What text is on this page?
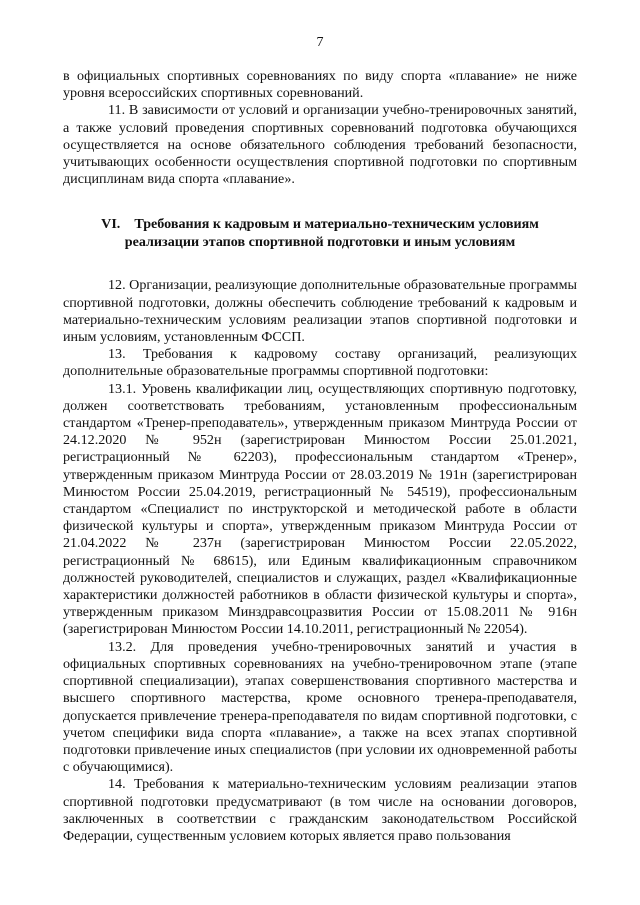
7

в официальных спортивных соревнованиях по виду спорта «плавание» не ниже уровня всероссийских спортивных соревнований.

11. В зависимости от условий и организации учебно-тренировочных занятий, а также условий проведения спортивных соревнований подготовка обучающихся осуществляется на основе обязательного соблюдения требований безопасности, учитывающих особенности осуществления спортивной подготовки по спортивным дисциплинам вида спорта «плавание».

VI. Требования к кадровым и материально-техническим условиям реализации этапов спортивной подготовки и иным условиям

12. Организации, реализующие дополнительные образовательные программы спортивной подготовки, должны обеспечить соблюдение требований к кадровым и материально-техническим условиям реализации этапов спортивной подготовки и иным условиям, установленным ФССП.

13. Требования к кадровому составу организаций, реализующих дополнительные образовательные программы спортивной подготовки:

13.1. Уровень квалификации лиц, осуществляющих спортивную подготовку, должен соответствовать требованиям, установленным профессиональным стандартом «Тренер-преподаватель», утвержденным приказом Минтруда России от 24.12.2020 № 952н (зарегистрирован Минюстом России 25.01.2021, регистрационный № 62203), профессиональным стандартом «Тренер», утвержденным приказом Минтруда России от 28.03.2019 № 191н (зарегистрирован Минюстом России 25.04.2019, регистрационный № 54519), профессиональным стандартом «Специалист по инструкторской и методической работе в области физической культуры и спорта», утвержденным приказом Минтруда России от 21.04.2022 № 237н (зарегистрирован Минюстом России 22.05.2022, регистрационный № 68615), или Единым квалификационным справочником должностей руководителей, специалистов и служащих, раздел «Квалификационные характеристики должностей работников в области физической культуры и спорта», утвержденным приказом Минздравсоцразвития России от 15.08.2011 № 916н (зарегистрирован Минюстом России 14.10.2011, регистрационный № 22054).

13.2. Для проведения учебно-тренировочных занятий и участия в официальных спортивных соревнованиях на учебно-тренировочном этапе (этапе спортивной специализации), этапах совершенствования спортивного мастерства и высшего спортивного мастерства, кроме основного тренера-преподавателя, допускается привлечение тренера-преподавателя по видам спортивной подготовки, с учетом специфики вида спорта «плавание», а также на всех этапах спортивной подготовки привлечение иных специалистов (при условии их одновременной работы с обучающимися).

14. Требования к материально-техническим условиям реализации этапов спортивной подготовки предусматривают (в том числе на основании договоров, заключенных в соответствии с гражданским законодательством Российской Федерации, существенным условием которых является право пользования
